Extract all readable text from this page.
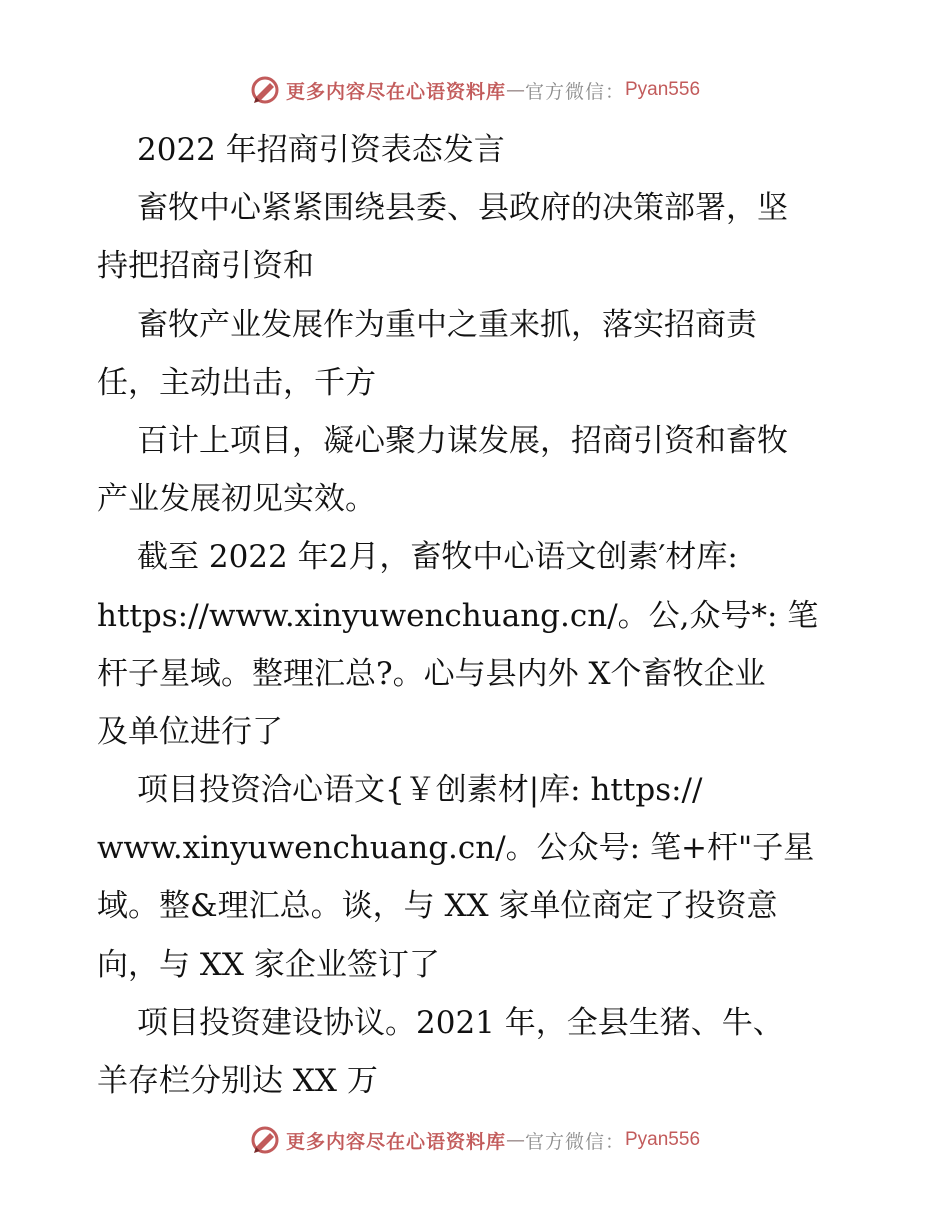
更多内容尽在心语资料库 — 官方微信： Pyan556
2022 年招商引资表态发言
畜牧中心紧紧围绕县委、县政府的决策部署，坚
持把招商引资和
畜牧产业发展作为重中之重来抓，落实招商责
任，主动出击，千方
百计上项目，凝心聚力谋发展，招商引资和畜牧
产业发展初见实效。
截至 2022 年2月，畜牧中心语文创素′材库:
https://www.xinyuwenchuang.cn/。公,众号*: 笔
杆子星域。整理汇总?。心与县内外 X个畜牧企业
及单位进行了
项目投资洽心语文{￥创素材|库: https://
www.xinyuwenchuang.cn/。公众号: 笔+杆"子星
域。整&理汇总。谈，与 XX 家单位商定了投资意
向，与 XX 家企业签订了
项目投资建设协议。2021 年，全县生猪、牛、
羊存栏分别达 XX 万
更多内容尽在心语资料库 — 官方微信： Pyan556
